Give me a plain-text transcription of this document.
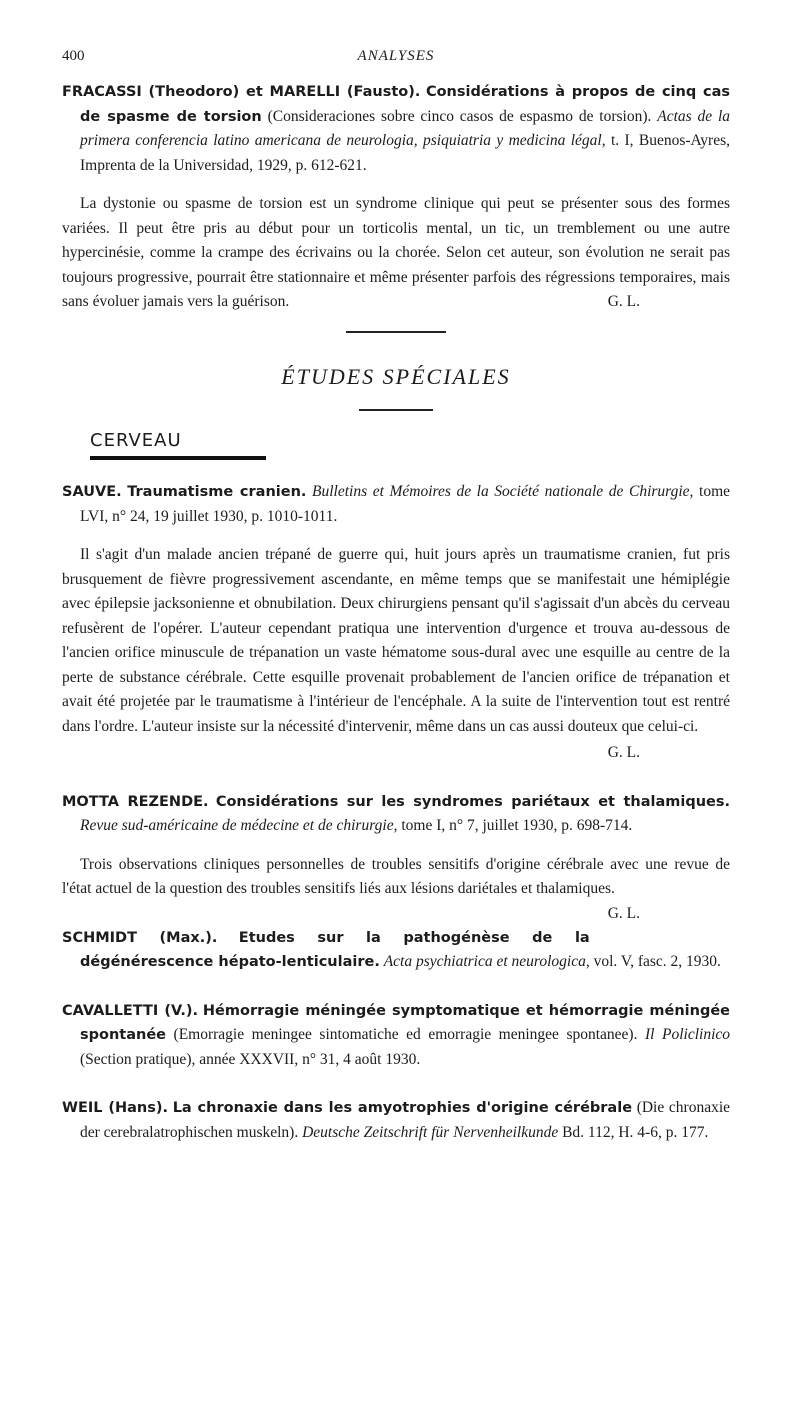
400	ANALYSES

FRACASSI (Theodoro) et MARELLI (Fausto). Considérations à propos de cinq cas de spasme de torsion (Consideraciones sobre cinco casos de espasmo de torsion). Actas de la primera conferencia latino americana de neurologia, psiquiatria y medicina légal, t. I, Buenos-Ayres, Imprenta de la Universidad, 1929, p. 612-621.

La dystonie ou spasme de torsion est un syndrome clinique qui peut se présenter sous des formes variées. Il peut être pris au début pour un torticolis mental, un tic, un tremblement ou une autre hypercinésie, comme la crampe des écrivains ou la chorée. Selon cet auteur, son évolution ne serait pas toujours progressive, pourrait être stationnaire et même présenter parfois des régressions temporaires, mais sans évoluer jamais vers la guérison.	G. L.

ÉTUDES SPÉCIALES
CERVEAU

SAUVE. Traumatisme cranien. Bulletins et Mémoires de la Société nationale de Chirurgie, tome LVI, n° 24, 19 juillet 1930, p. 1010-1011.

Il s'agit d'un malade ancien trépané de guerre qui, huit jours après un traumatisme cranien, fut pris brusquement de fièvre progressivement ascendante, en même temps que se manifestait une hémiplégie avec épilepsie jacksonienne et obnubilation. Deux chirurgiens pensant qu'il s'agissait d'un abcès du cerveau refusèrent de l'opérer. L'auteur cependant pratiqua une intervention d'urgence et trouva au-dessous de l'ancien orifice minuscule de trépanation un vaste hématome sous-dural avec une esquille au centre de la perte de substance cérébrale. Cette esquille provenait probablement de l'ancien orifice de trépanation et avait été projetée par le traumatisme à l'intérieur de l'encéphale. A la suite de l'intervention tout est rentré dans l'ordre. L'auteur insiste sur la nécessité d'intervenir, même dans un cas aussi douteux que celui-ci.

G. L.

MOTTA REZENDE. Considérations sur les syndromes pariétaux et thalamiques. Revue sud-américaine de médecine et de chirurgie, tome I, n° 7, juillet 1930, p. 698-714.

Trois observations cliniques personnelles de troubles sensitifs d'origine cérébrale avec une revue de l'état actuel de la question des troubles sensitifs liés aux lésions dariétales et thalamiques.
G. L.

SCHMIDT (Max.). Etudes sur la pathogénèse de la dégénérescence hépato-lenticulaire. Acta psychiatrica et neurologica, vol. V, fasc. 2, 1930.

CAVALLETTI (V.). Hémorragie méningée symptomatique et hémorragie méningée spontanée (Emorragie meningee sintomatiche ed emorragie meningee spontanee). Il Policlinico (Section pratique), année XXXVII, n° 31, 4 août 1930.

WEIL (Hans). La chronaxie dans les amyotrophies d'origine cérébrale (Die chronaxie der cerebralatrophischen muskeln). Deutsche Zeitschrift für Nervenheilkunde Bd. 112, H. 4-6, p. 177.
